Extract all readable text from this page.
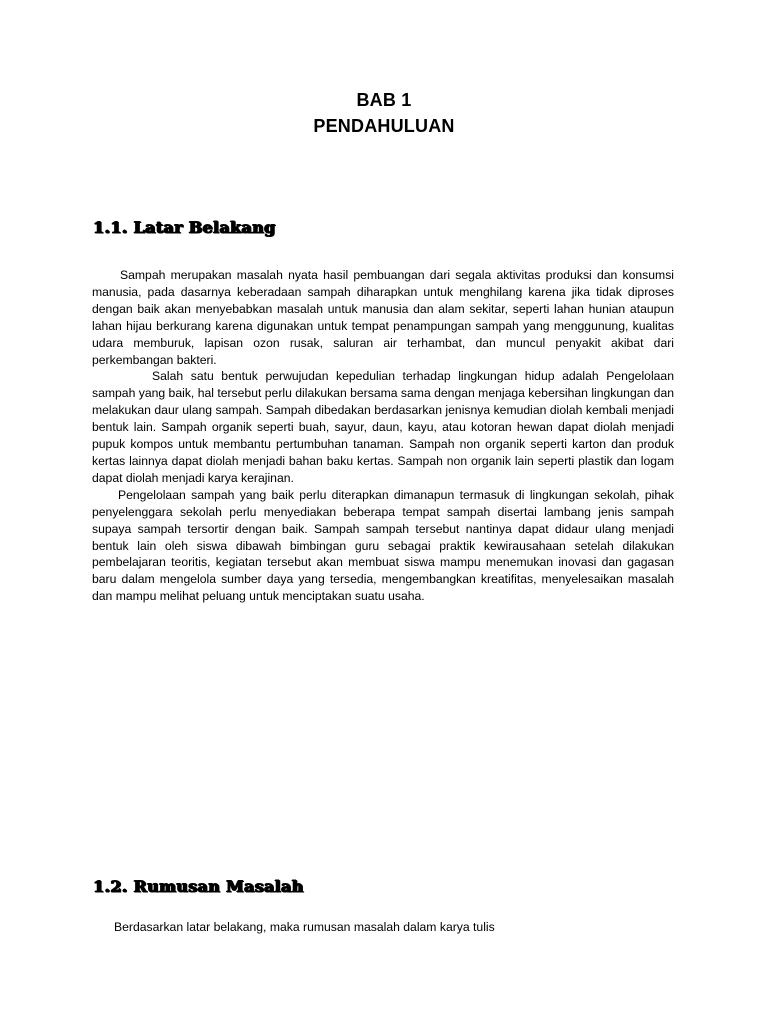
BAB 1
PENDAHULUAN
1.1. Latar Belakang

Sampah merupakan masalah nyata hasil pembuangan dari segala aktivitas produksi dan konsumsi manusia, pada dasarnya keberadaan sampah diharapkan untuk menghilang karena jika tidak diproses dengan baik akan menyebabkan masalah untuk manusia dan alam sekitar, seperti lahan hunian ataupun lahan hijau berkurang karena digunakan untuk tempat penampungan sampah yang menggunung, kualitas udara memburuk, lapisan ozon rusak, saluran air terhambat, dan muncul penyakit akibat dari perkembangan bakteri.

Salah satu bentuk perwujudan kepedulian terhadap lingkungan hidup adalah Pengelolaan sampah yang baik, hal tersebut perlu dilakukan bersama sama dengan menjaga kebersihan lingkungan dan melakukan daur ulang sampah. Sampah dibedakan berdasarkan jenisnya kemudian diolah kembali menjadi bentuk lain. Sampah organik seperti buah, sayur, daun, kayu, atau kotoran hewan dapat diolah menjadi pupuk kompos untuk membantu pertumbuhan tanaman. Sampah non organik seperti karton dan produk kertas lainnya dapat diolah menjadi bahan baku kertas. Sampah non organik lain seperti plastik dan logam dapat diolah menjadi karya kerajinan.

Pengelolaan sampah yang baik perlu diterapkan dimanapun termasuk di lingkungan sekolah, pihak penyelenggara sekolah perlu menyediakan beberapa tempat sampah disertai lambang jenis sampah supaya sampah tersortir dengan baik. Sampah sampah tersebut nantinya dapat didaur ulang menjadi bentuk lain oleh siswa dibawah bimbingan guru sebagai praktik kewirausahaan setelah dilakukan pembelajaran teoritis, kegiatan tersebut akan membuat siswa mampu menemukan inovasi dan gagasan baru dalam mengelola sumber daya yang tersedia, mengembangkan kreatifitas, menyelesaikan masalah dan mampu melihat peluang untuk menciptakan suatu usaha.

1.2. Rumusan Masalah

Berdasarkan latar belakang, maka rumusan masalah dalam karya tulis
